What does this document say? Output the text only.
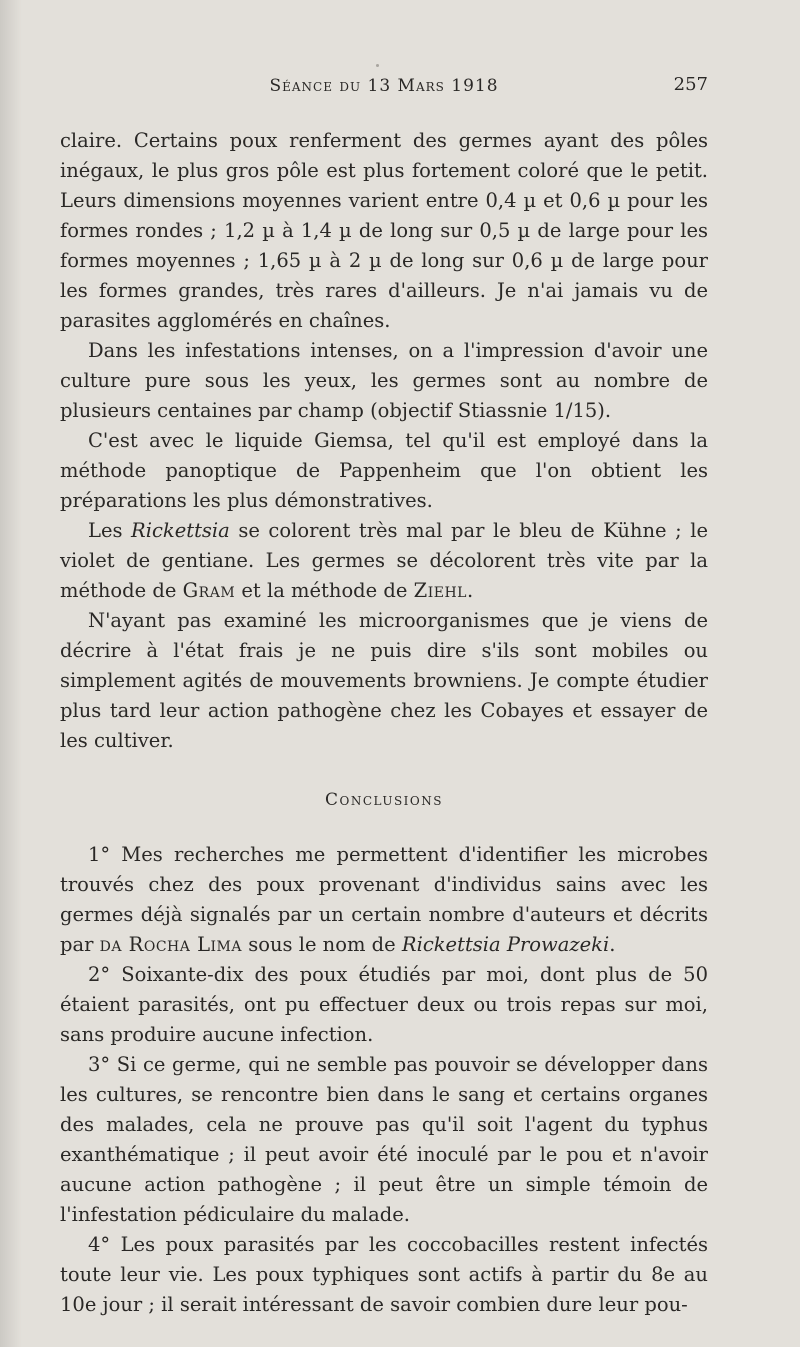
Séance du 13 Mars 1918	257

claire. Certains poux renferment des germes ayant des pôles inégaux, le plus gros pôle est plus fortement coloré que le petit. Leurs dimensions moyennes varient entre 0,4 µ et 0,6 µ pour les formes rondes ; 1,2 µ à 1,4 µ de long sur 0,5 µ de large pour les formes moyennes ; 1,65 µ à 2 µ de long sur 0,6 µ de large pour les formes grandes, très rares d'ailleurs. Je n'ai jamais vu de parasites agglomérés en chaînes.

Dans les infestations intenses, on a l'impression d'avoir une culture pure sous les yeux, les germes sont au nombre de plusieurs centaines par champ (objectif Stiassnie 1/15).

C'est avec le liquide Giemsa, tel qu'il est employé dans la méthode panoptique de Pappenheim que l'on obtient les préparations les plus démonstratives.

Les Rickettsia se colorent très mal par le bleu de Kühne ; le violet de gentiane. Les germes se décolorent très vite par la méthode de Gram et la méthode de Ziehl.

N'ayant pas examiné les microorganismes que je viens de décrire à l'état frais je ne puis dire s'ils sont mobiles ou simplement agités de mouvements browniens. Je compte étudier plus tard leur action pathogène chez les Cobayes et essayer de les cultiver.

Conclusions

1° Mes recherches me permettent d'identifier les microbes trouvés chez des poux provenant d'individus sains avec les germes déjà signalés par un certain nombre d'auteurs et décrits par da Rocha Lima sous le nom de Rickettsia Prowazeki.

2° Soixante-dix des poux étudiés par moi, dont plus de 50 étaient parasités, ont pu effectuer deux ou trois repas sur moi, sans produire aucune infection.

3° Si ce germe, qui ne semble pas pouvoir se développer dans les cultures, se rencontre bien dans le sang et certains organes des malades, cela ne prouve pas qu'il soit l'agent du typhus exanthématique ; il peut avoir été inoculé par le pou et n'avoir aucune action pathogène ; il peut être un simple témoin de l'infestation pédiculaire du malade.

4° Les poux parasités par les coccobacilles restent infectés toute leur vie. Les poux typhiques sont actifs à partir du 8e au 10e jour ; il serait intéressant de savoir combien dure leur pou-
